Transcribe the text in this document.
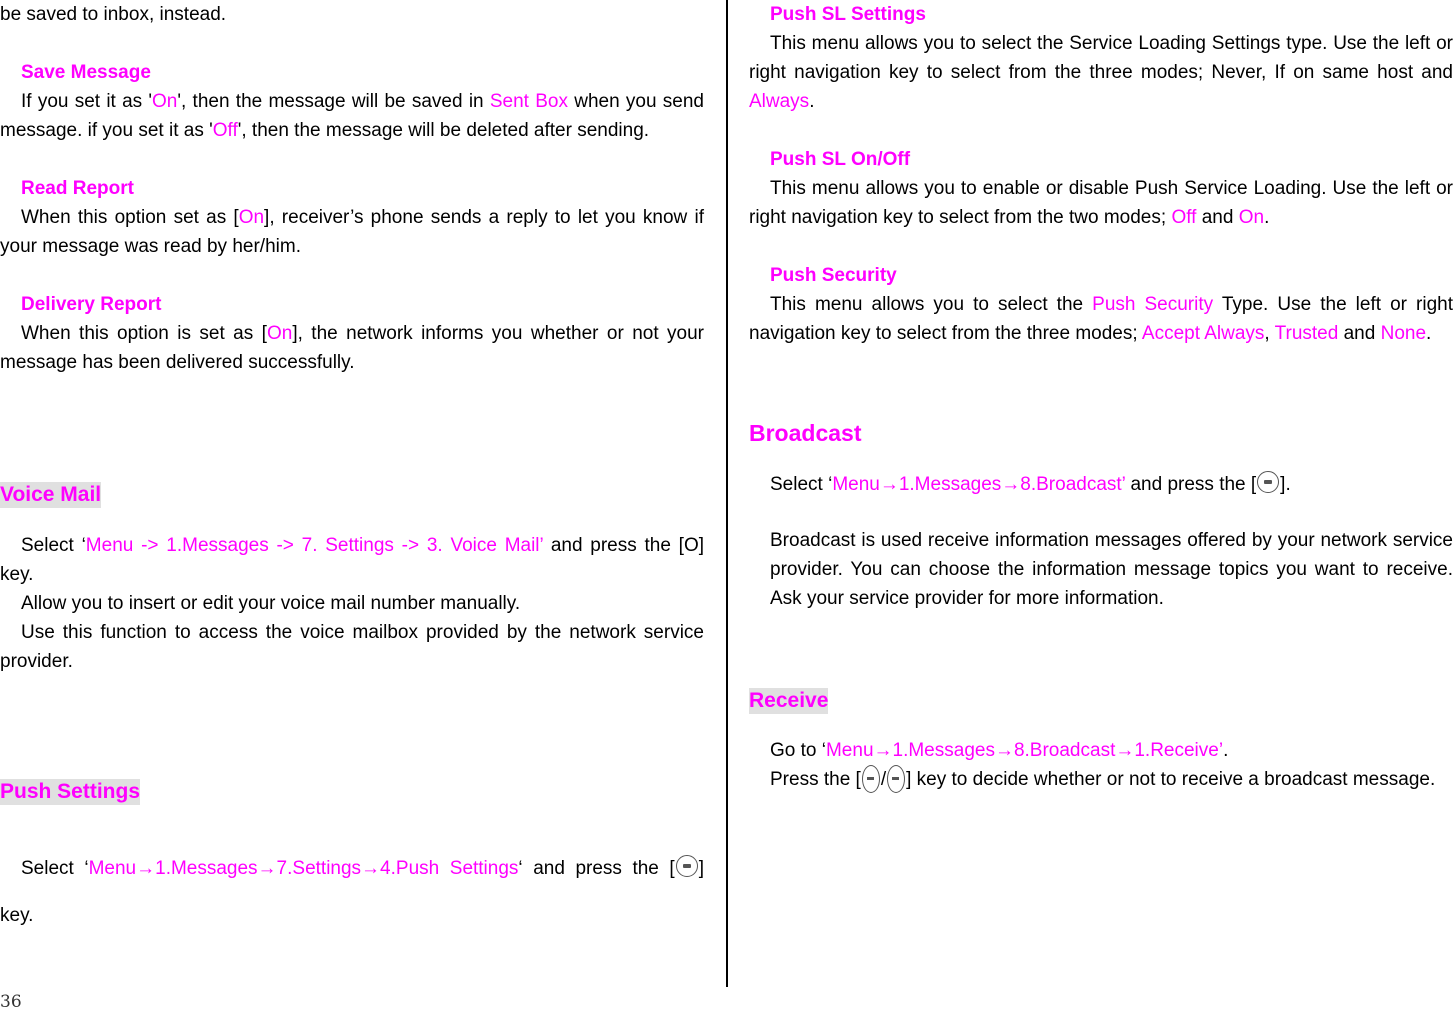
be saved to inbox, instead.

Save Message

If you set it as 'On', then the message will be saved in Sent Box when you send message. if you set it as 'Off', then the message will be deleted after sending.

Read Report

When this option set as [On], receiver’s phone sends a reply to let you know if your message was read by her/him.

Delivery Report

When this option is set as [On], the network informs you whether or not your message has been delivered successfully.

Voice Mail

Select ‘Menu -> 1.Messages -> 7. Settings -> 3. Voice Mail’ and press the [O] key.

Allow you to insert or edit your voice mail number manually.

Use this function to access the voice mailbox provided by the network service provider.

Push Settings

Select ‘Menu→1.Messages→7.Settings→4.Push Settings‘ and press the [ ] key.

Push SL Settings

This menu allows you to select the Service Loading Settings type. Use the left or right navigation key to select from the three modes; Never, If on same host and Always.

Push SL On/Off

This menu allows you to enable or disable Push Service Loading. Use the left or right navigation key to select from the two modes; Off and On.

Push Security

This menu allows you to select the Push Security Type. Use the left or right navigation key to select from the three modes; Accept Always, Trusted and None.

Broadcast

Select ‘Menu→1.Messages→8.Broadcast’ and press the [ ].

Broadcast is used receive information messages offered by your network service provider. You can choose the information message topics you want to receive. Ask your service provider for more information.

Receive

Go to ‘Menu→1.Messages→8.Broadcast→1.Receive’.

Press the [ / ] key to decide whether or not to receive a broadcast message.

36
